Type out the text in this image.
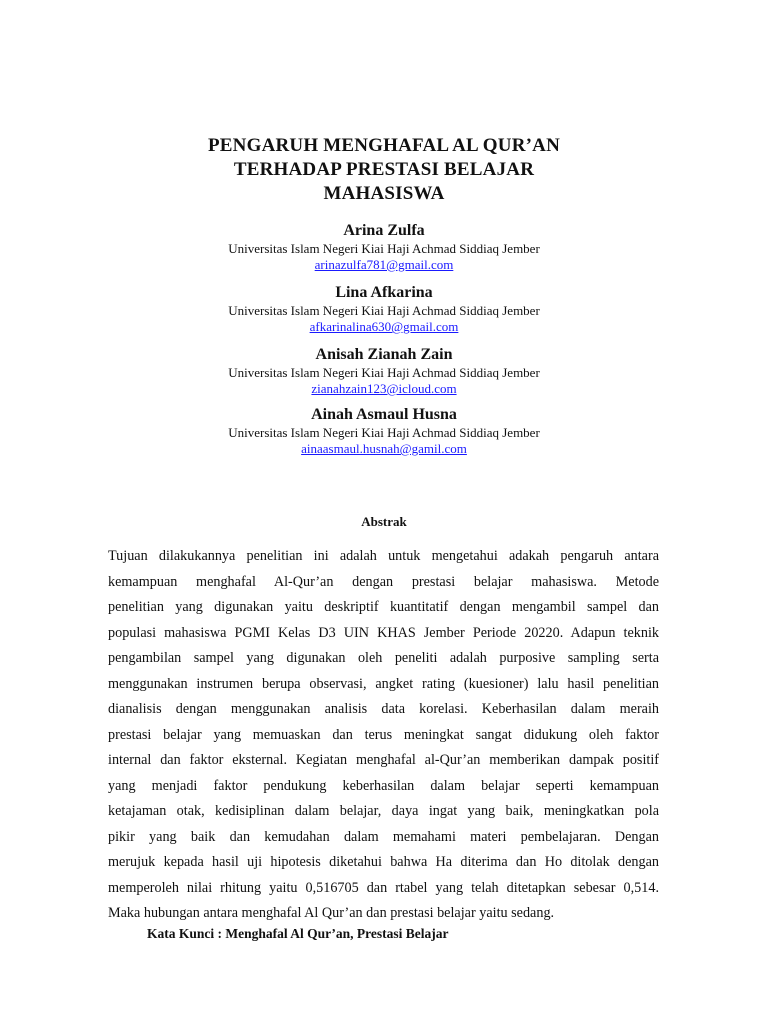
PENGARUH MENGHAFAL AL QUR’AN
TERHADAP PRESTASI BELAJAR
MAHASISWA
Arina Zulfa
Universitas Islam Negeri Kiai Haji Achmad Siddiaq Jember
arinazulfa781@gmail.com
Lina Afkarina
Universitas Islam Negeri Kiai Haji Achmad Siddiaq Jember
afkarinalina630@gmail.com
Anisah Zianah Zain
Universitas Islam Negeri Kiai Haji Achmad Siddiaq Jember
zianahzain123@icloud.com
Ainah Asmaul Husna
Universitas Islam Negeri Kiai Haji Achmad Siddiaq Jember
ainaasmaul.husnah@gamil.com
Abstrak
Tujuan dilakukannya penelitian ini adalah untuk mengetahui adakah pengaruh antara
kemampuan menghafal Al-Qur’an dengan prestasi belajar mahasiswa. Metode
penelitian yang digunakan yaitu deskriptif kuantitatif dengan mengambil sampel dan
populasi mahasiswa PGMI Kelas D3 UIN KHAS Jember Periode 20220. Adapun teknik
pengambilan sampel yang digunakan oleh peneliti adalah purposive sampling serta
menggunakan instrumen berupa observasi, angket rating (kuesioner) lalu hasil penelitian
dianalisis dengan menggunakan analisis data korelasi. Keberhasilan dalam meraih
prestasi belajar yang memuaskan dan terus meningkat sangat didukung oleh faktor
internal dan faktor eksternal. Kegiatan menghafal al-Qur’an memberikan dampak positif
yang menjadi faktor pendukung keberhasilan dalam belajar seperti kemampuan
ketajaman otak, kedisiplinan dalam belajar, daya ingat yang baik, meningkatkan pola
pikir yang baik dan kemudahan dalam memahami materi pembelajaran. Dengan
merujuk kepada hasil uji hipotesis diketahui bahwa Ha diterima dan Ho ditolak dengan
memperoleh nilai rhitung yaitu 0,516705 dan rtabel yang telah ditetapkan sebesar 0,514.
Maka hubungan antara menghafal Al Qur’an dan prestasi belajar yaitu sedang.
Kata Kunci : Menghafal Al Qur’an, Prestasi Belajar
